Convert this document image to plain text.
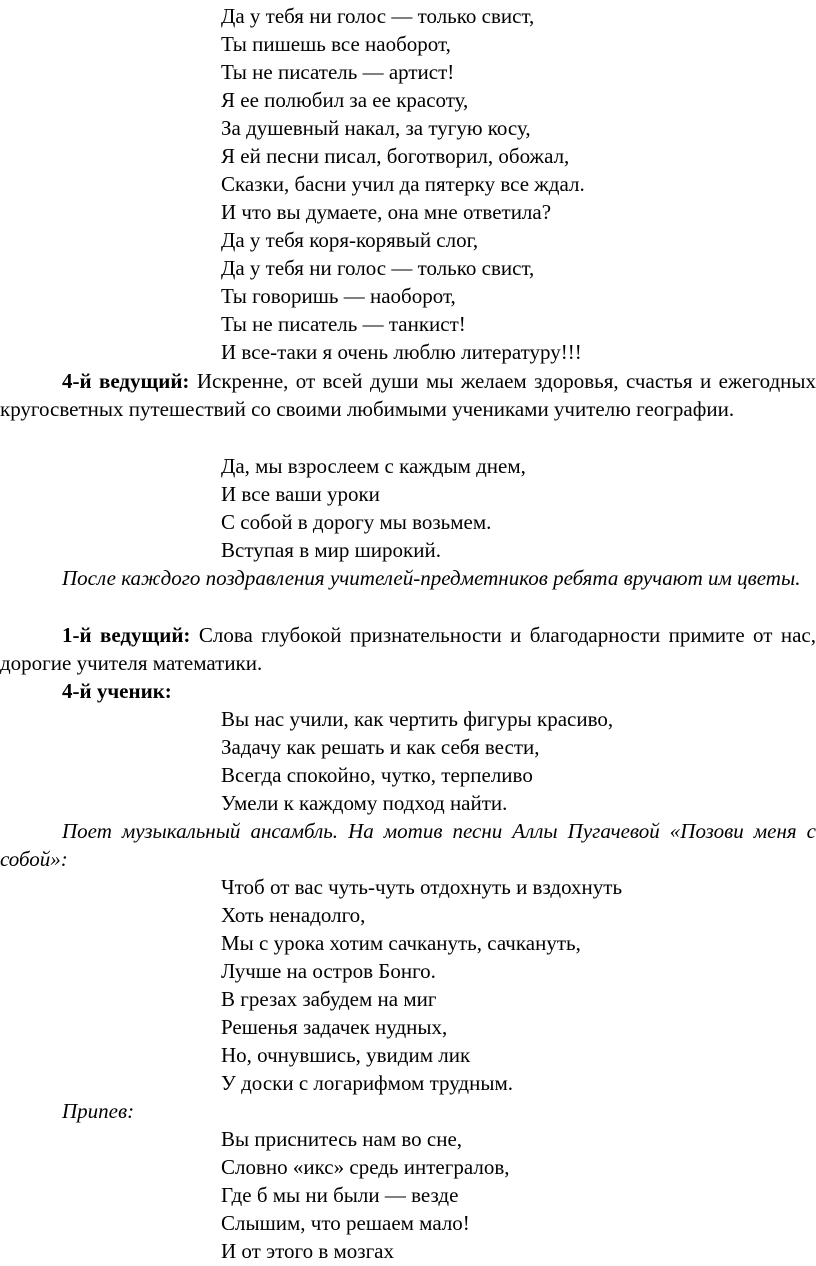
Да у тебя ни голос — только свист,
Ты пишешь все наоборот,
Ты не писатель — артист!
Я ее полюбил за ее красоту,
За душевный накал, за тугую косу,
Я ей песни писал, боготворил, обожал,
Сказки, басни учил да пятерку все ждал.
И что вы думаете, она мне ответила?
Да у тебя коря-корявый слог,
Да у тебя ни голос — только свист,
Ты говоришь — наоборот,
Ты не писатель — танкист!
И все-таки я очень люблю литературу!!!

4-й ведущий: Искренне, от всей души мы желаем здоровья, счастья и ежегодных кругосветных путешествий со своими любимыми учениками учителю географии.

Да, мы взрослеем с каждым днем,
И все ваши уроки
С собой в дорогу мы возьмем.
Вступая в мир широкий.

После каждого поздравления учителей-предметников ребята вручают им цветы.

1-й ведущий: Слова глубокой признательности и благодарности примите от нас, дорогие учителя математики.

4-й ученик:

Вы нас учили, как чертить фигуры красиво,
Задачу как решать и как себя вести,
Всегда спокойно, чутко, терпеливо
Умели к каждому подход найти.

Поет музыкальный ансамбль. На мотив песни Аллы Пугачевой «Позови меня с собой»:

Чтоб от вас чуть-чуть отдохнуть и вздохнуть
Хоть ненадолго,
Мы с урока хотим сачкануть, сачкануть,
Лучше на остров Бонго.
В грезах забудем на миг
Решенья задачек нудных,
Но, очнувшись, увидим лик
У доски с логарифмом трудным.

Припев:

Вы приснитесь нам во сне,
Словно «икс» средь интегралов,
Где б мы ни были — везде
Слышим, что решаем мало!
И от этого в мозгах
